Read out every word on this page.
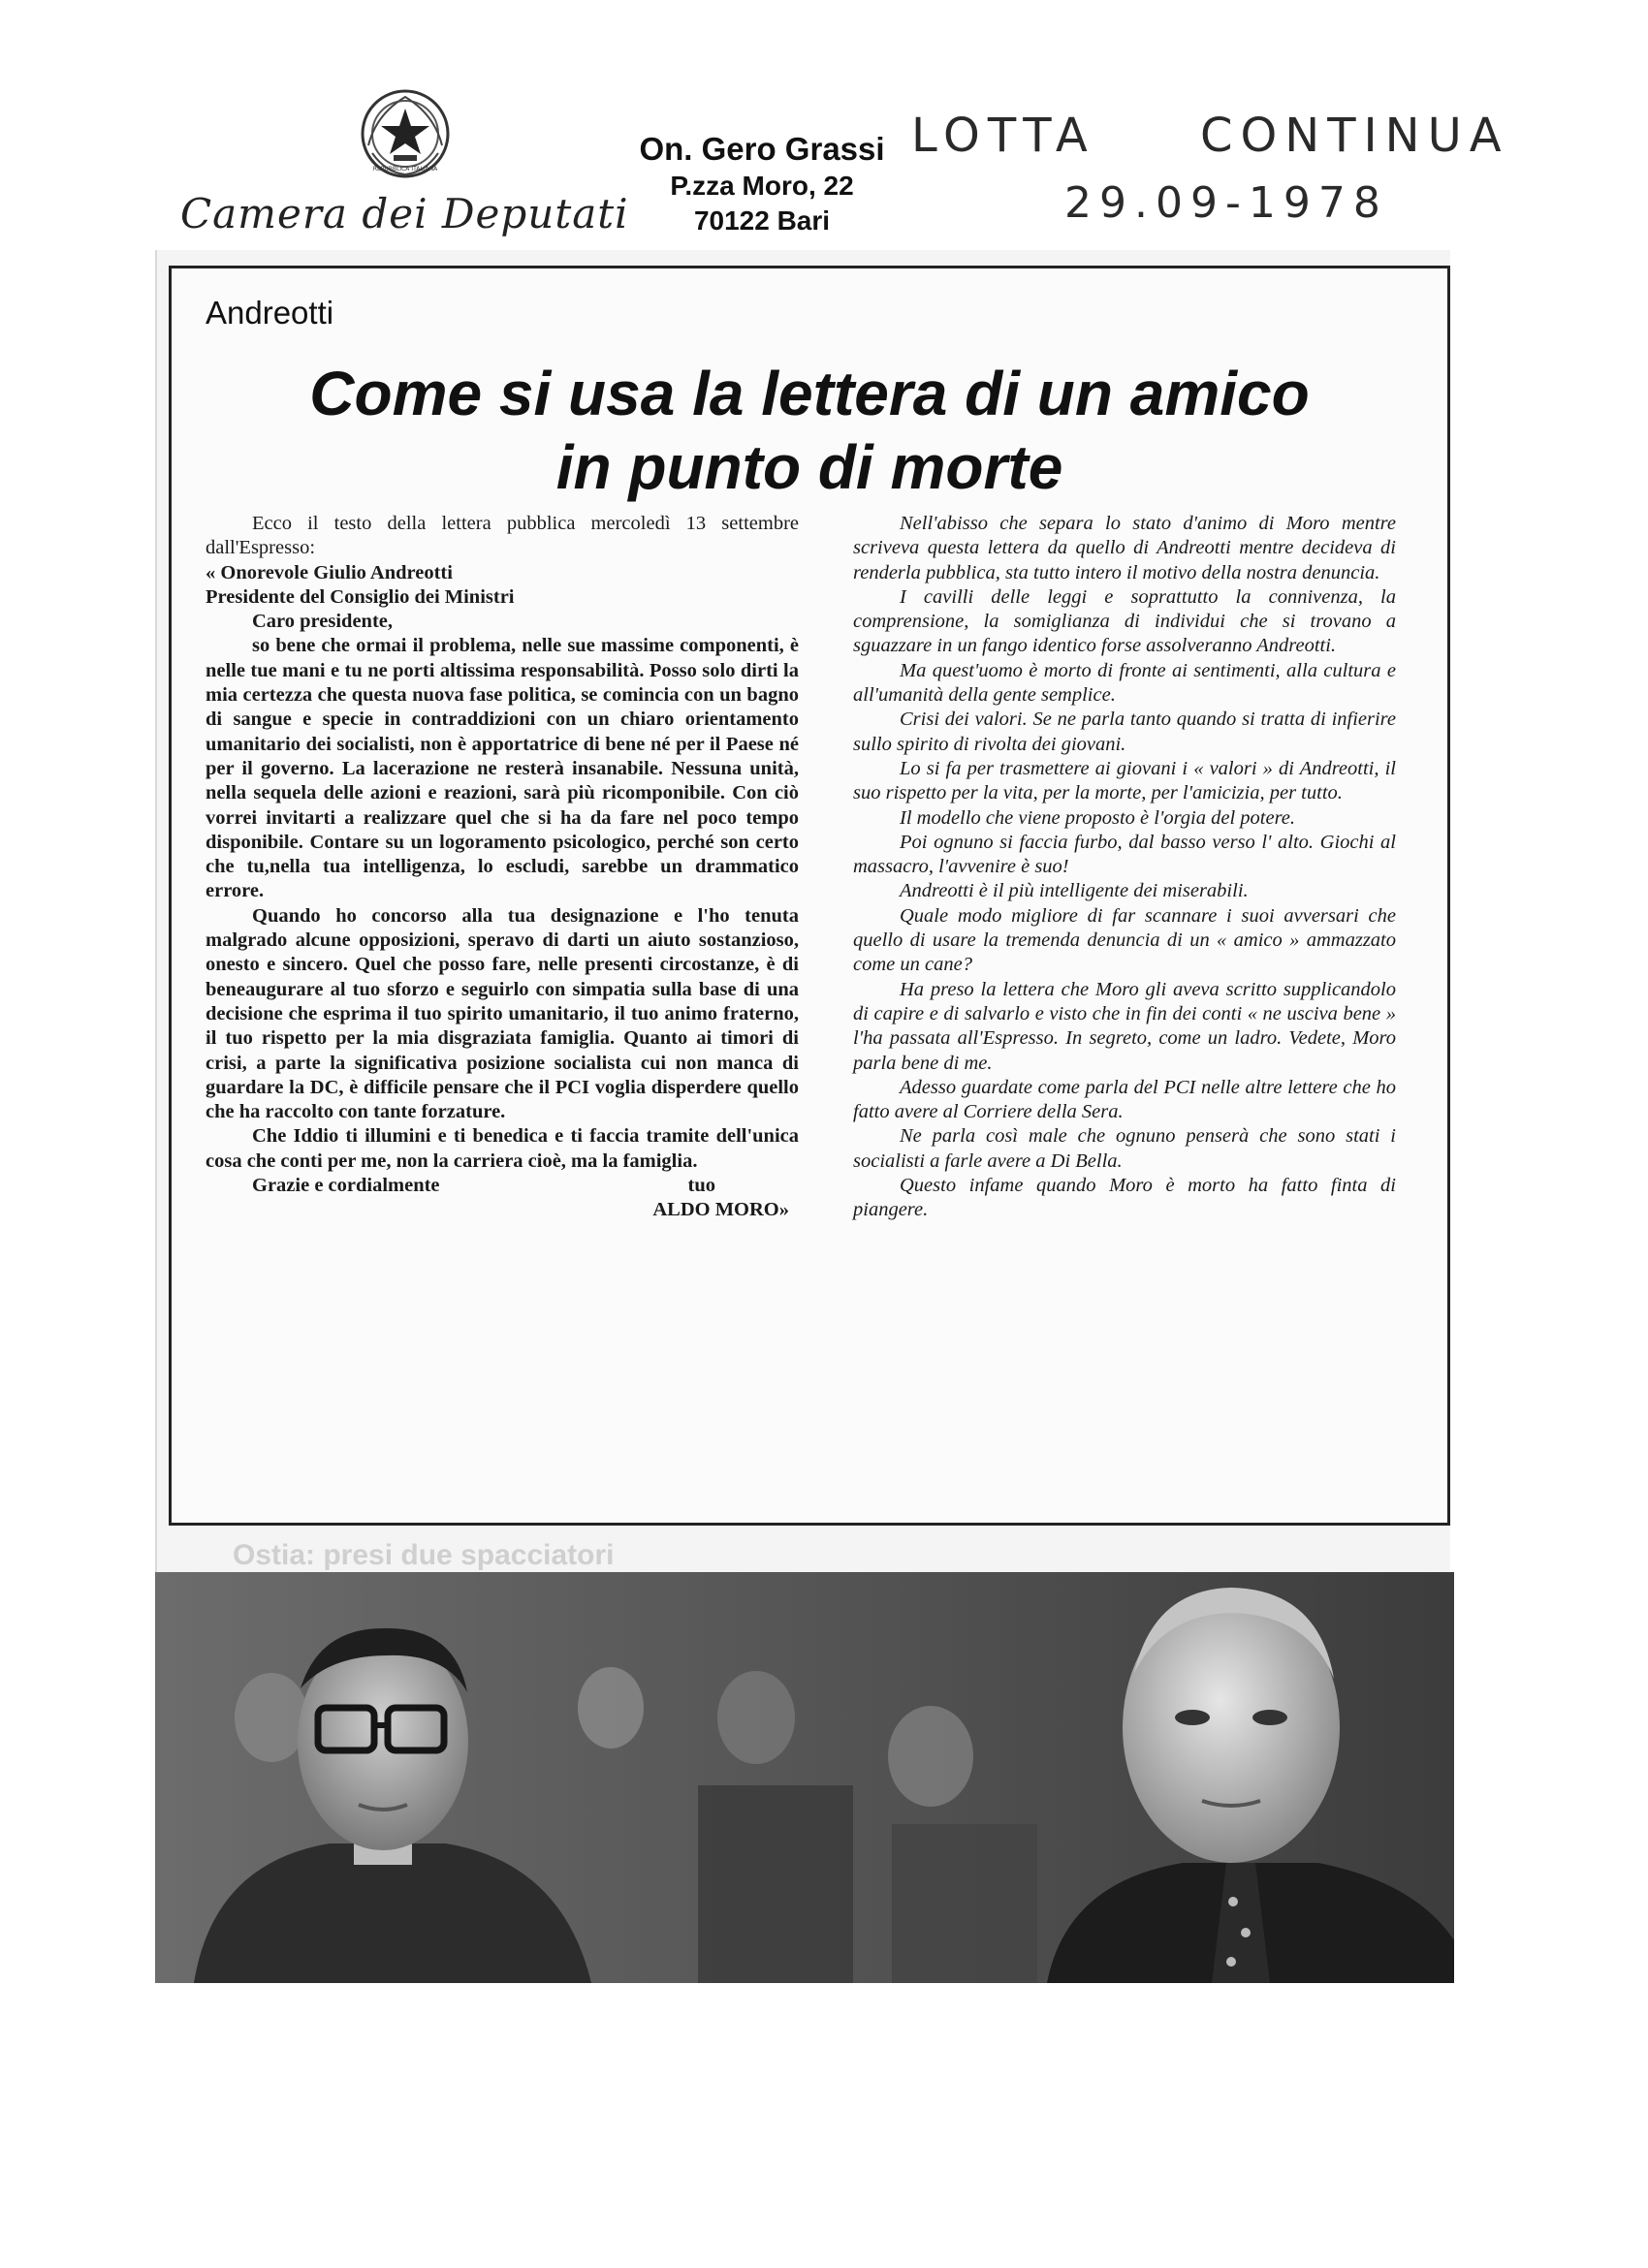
REPUBBLICA ITALIANA
Camera dei Deputati
On. Gero Grassi
P.zza Moro, 22
70122 Bari
LOTTA CONTINUA
29.09-1978
Andreotti
Come si usa la lettera di un amico
in punto di morte

Ecco il testo della lettera pubblica mercoledì 13 settembre dall'Espresso:

« Onorevole Giulio Andreotti

Presidente del Consiglio dei Ministri

Caro presidente,

so bene che ormai il problema, nelle sue massime componenti, è nelle tue mani e tu ne porti altissima responsabilità. Posso solo dirti la mia certezza che questa nuova fase politica, se comincia con un bagno di sangue e specie in contraddizioni con un chiaro orientamento umanitario dei socialisti, non è apportatrice di bene né per il Paese né per il governo. La lacerazione ne resterà insanabile. Nessuna unità, nella sequela delle azioni e reazioni, sarà più ricomponibile. Con ciò vorrei invitarti a realizzare quel che si ha da fare nel poco tempo disponibile. Contare su un logoramento psicologico, perché son certo che tu,nella tua intelligenza, lo escludi, sarebbe un drammatico errore.

Quando ho concorso alla tua designazione e l'ho tenuta malgrado alcune opposizioni, speravo di darti un aiuto sostanzioso, onesto e sincero. Quel che posso fare, nelle presenti circostanze, è di beneaugurare al tuo sforzo e seguirlo con simpatia sulla base di una decisione che esprima il tuo spirito umanitario, il tuo animo fraterno, il tuo rispetto per la mia disgraziata famiglia. Quanto ai timori di crisi, a parte la significativa posizione socialista cui non manca di guardare la DC, è difficile pensare che il PCI voglia disperdere quello che ha raccolto con tante forzature.

Che Iddio ti illumini e ti benedica e ti faccia tramite dell'unica cosa che conti per me, non la carriera cioè, ma la famiglia.

Grazie e cordialmente	tuo
ALDO MORO»

Nell'abisso che separa lo stato d'animo di Moro mentre scriveva questa lettera da quello di Andreotti mentre decideva di renderla pubblica, sta tutto intero il motivo della nostra denuncia.

I cavilli delle leggi e soprattutto la connivenza, la comprensione, la somiglianza di individui che si trovano a sguazzare in un fango identico forse assolveranno Andreotti.

Ma quest'uomo è morto di fronte ai sentimenti, alla cultura e all'umanità della gente semplice.

Crisi dei valori. Se ne parla tanto quando si tratta di infierire sullo spirito di rivolta dei giovani.

Lo si fa per trasmettere ai giovani i « valori » di Andreotti, il suo rispetto per la vita, per la morte, per l'amicizia, per tutto.

Il modello che viene proposto è l'orgia del potere.

Poi ognuno si faccia furbo, dal basso verso l' alto. Giochi al massacro, l'avvenire è suo!

Andreotti è il più intelligente dei miserabili.

Quale modo migliore di far scannare i suoi avversari che quello di usare la tremenda denuncia di un « amico » ammazzato come un cane?

Ha preso la lettera che Moro gli aveva scritto supplicandolo di capire e di salvarlo e visto che in fin dei conti « ne usciva bene » l'ha passata all'Espresso. In segreto, come un ladro. Vedete, Moro parla bene di me.

Adesso guardate come parla del PCI nelle altre lettere che ho fatto avere al Corriere della Sera.

Ne parla così male che ognuno penserà che sono stati i socialisti a farle avere a Di Bella.

Questo infame quando Moro è morto ha fatto finta di piangere.

Ostia: presi due spacciatori
